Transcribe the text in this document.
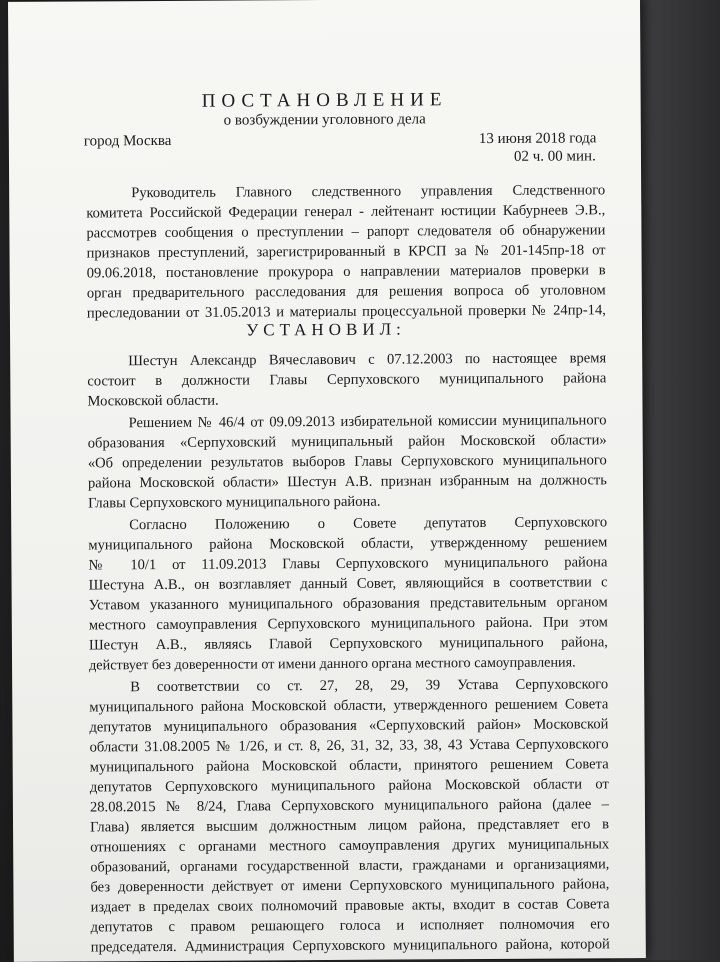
ПОСТАНОВЛЕНИЕ
о возбуждении уголовного дела
город Москва	13 июня 2018 года
02 ч. 00 мин.
Руководитель Главного следственного управления Следственного
комитета Российской Федерации генерал - лейтенант юстиции Кабурнеев Э.В.,
рассмотрев сообщения о преступлении – рапорт следователя об обнаружении
признаков преступлений, зарегистрированный в КРСП за № 201-145пр-18 от
09.06.2018, постановление прокурора о направлении материалов проверки в
орган предварительного расследования для решения вопроса об уголовном
преследовании от 31.05.2013 и материалы процессуальной проверки № 24пр-14,
УСТАНОВИЛ:
Шестун Александр Вячеславович с 07.12.2003 по настоящее время
состоит в должности Главы Серпуховского муниципального района
Московской области.
Решением № 46/4 от 09.09.2013 избирательной комиссии муниципального
образования «Серпуховский муниципальный район Московской области»
«Об определении результатов выборов Главы Серпуховского муниципального
района Московской области» Шестун А.В. признан избранным на должность
Главы Серпуховского муниципального района.
Согласно Положению о Совете депутатов Серпуховского
муниципального района Московской области, утвержденному решением
№ 10/1 от 11.09.2013 Главы Серпуховского муниципального района
Шестуна А.В., он возглавляет данный Совет, являющийся в соответствии с
Уставом указанного муниципального образования представительным органом
местного самоуправления Серпуховского муниципального района. При этом
Шестун А.В., являясь Главой Серпуховского муниципального района,
действует без доверенности от имени данного органа местного самоуправления.
В соответствии со ст. 27, 28, 29, 39 Устава Серпуховского
муниципального района Московской области, утвержденного решением Совета
депутатов муниципального образования «Серпуховский район» Московской
области 31.08.2005 № 1/26, и ст. 8, 26, 31, 32, 33, 38, 43 Устава Серпуховского
муниципального района Московской области, принятого решением Совета
депутатов Серпуховского муниципального района Московской области от
28.08.2015 № 8/24, Глава Серпуховского муниципального района (далее –
Глава) является высшим должностным лицом района, представляет его в
отношениях с органами местного самоуправления других муниципальных
образований, органами государственной власти, гражданами и организациями,
без доверенности действует от имени Серпуховского муниципального района,
издает в пределах своих полномочий правовые акты, входит в состав Совета
депутатов с правом решающего голоса и исполняет полномочия его
председателя. Администрация Серпуховского муниципального района, которой
